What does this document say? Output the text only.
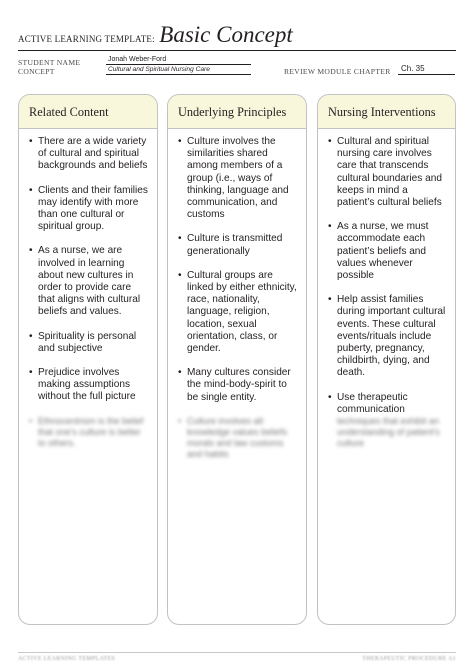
ACTIVE LEARNING TEMPLATE: Basic Concept
STUDENT NAME
CONCEPT
Jonah Weber-Ford
Cultural and Spiritual Nursing Care	REVIEW MODULE CHAPTER Ch. 35
Related Content
• There are a wide variety of cultural and spiritual backgrounds and beliefs
• Clients and their families may identify with more than one cultural or spiritual group.
• As a nurse, we are involved in learning about new cultures in order to provide care that aligns with cultural beliefs and values.
• Spirituality is personal and subjective
• Prejudice involves making assumptions without the full picture
• Ethnocentrism is the belief that one's culture is better to others.
Underlying Principles
• Culture involves the similarities shared among members of a group (i.e., ways of thinking, language and communication, and customs
• Culture is transmitted generationally
• Cultural groups are linked by either ethnicity, race, nationality, language, religion, location, sexual orientation, class, or gender.
• Many cultures consider the mind-body-spirit to be single entity.
• Culture involves all: knowledge values beliefs morals and law customs and habits
Nursing Interventions
• Cultural and spiritual nursing care involves care that transcends cultural boundaries and keeps in mind a patient’s cultural beliefs
• As a nurse, we must accommodate each patient’s beliefs and values whenever possible
• Help assist families during important cultural events. These cultural events/rituals include puberty, pregnancy, childbirth, dying, and death.
• Use therapeutic communication
techniques that exhibit an understanding of patient's culture
ACTIVE LEARNING TEMPLATES	THERAPEUTIC PROCEDURE A1
